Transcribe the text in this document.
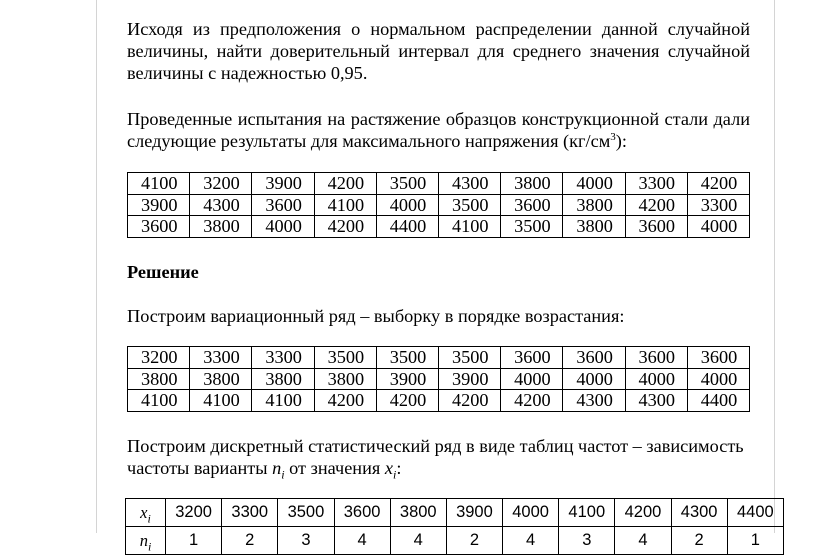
Исходя из предположения о нормальном распределении данной случайной величины, найти доверительный интервал для среднего значения случайной величины с надежностью 0,95.

Проведенные испытания на растяжение образцов конструкционной стали дали следующие результаты для максимального напряжения $(кг/см^3)$:

4100	3200	3900	4200	3500	4300	3800	4000	3300	4200
3900	4300	3600	4100	4000	3500	3600	3800	4200	3300
3600	3800	4000	4200	4400	4100	3500	3800	3600	4000

Решение

Построим вариационный ряд – выборку в порядке возрастания:

3200	3300	3300	3500	3500	3500	3600	3600	3600	3600
3800	3800	3800	3800	3900	3900	4000	4000	4000	4000
4100	4100	4100	4200	4200	4200	4200	4300	4300	4400

Построим дискретный статистический ряд в виде таблиц частот – зависимость частоты варианты $n_i$ от значения $x_i$:

$x_i$	3200	3300	3500	3600	3800	3900	4000	4100	4200	4300	4400
$n_i$	1	2	3	4	4	2	4	3	4	2	1
